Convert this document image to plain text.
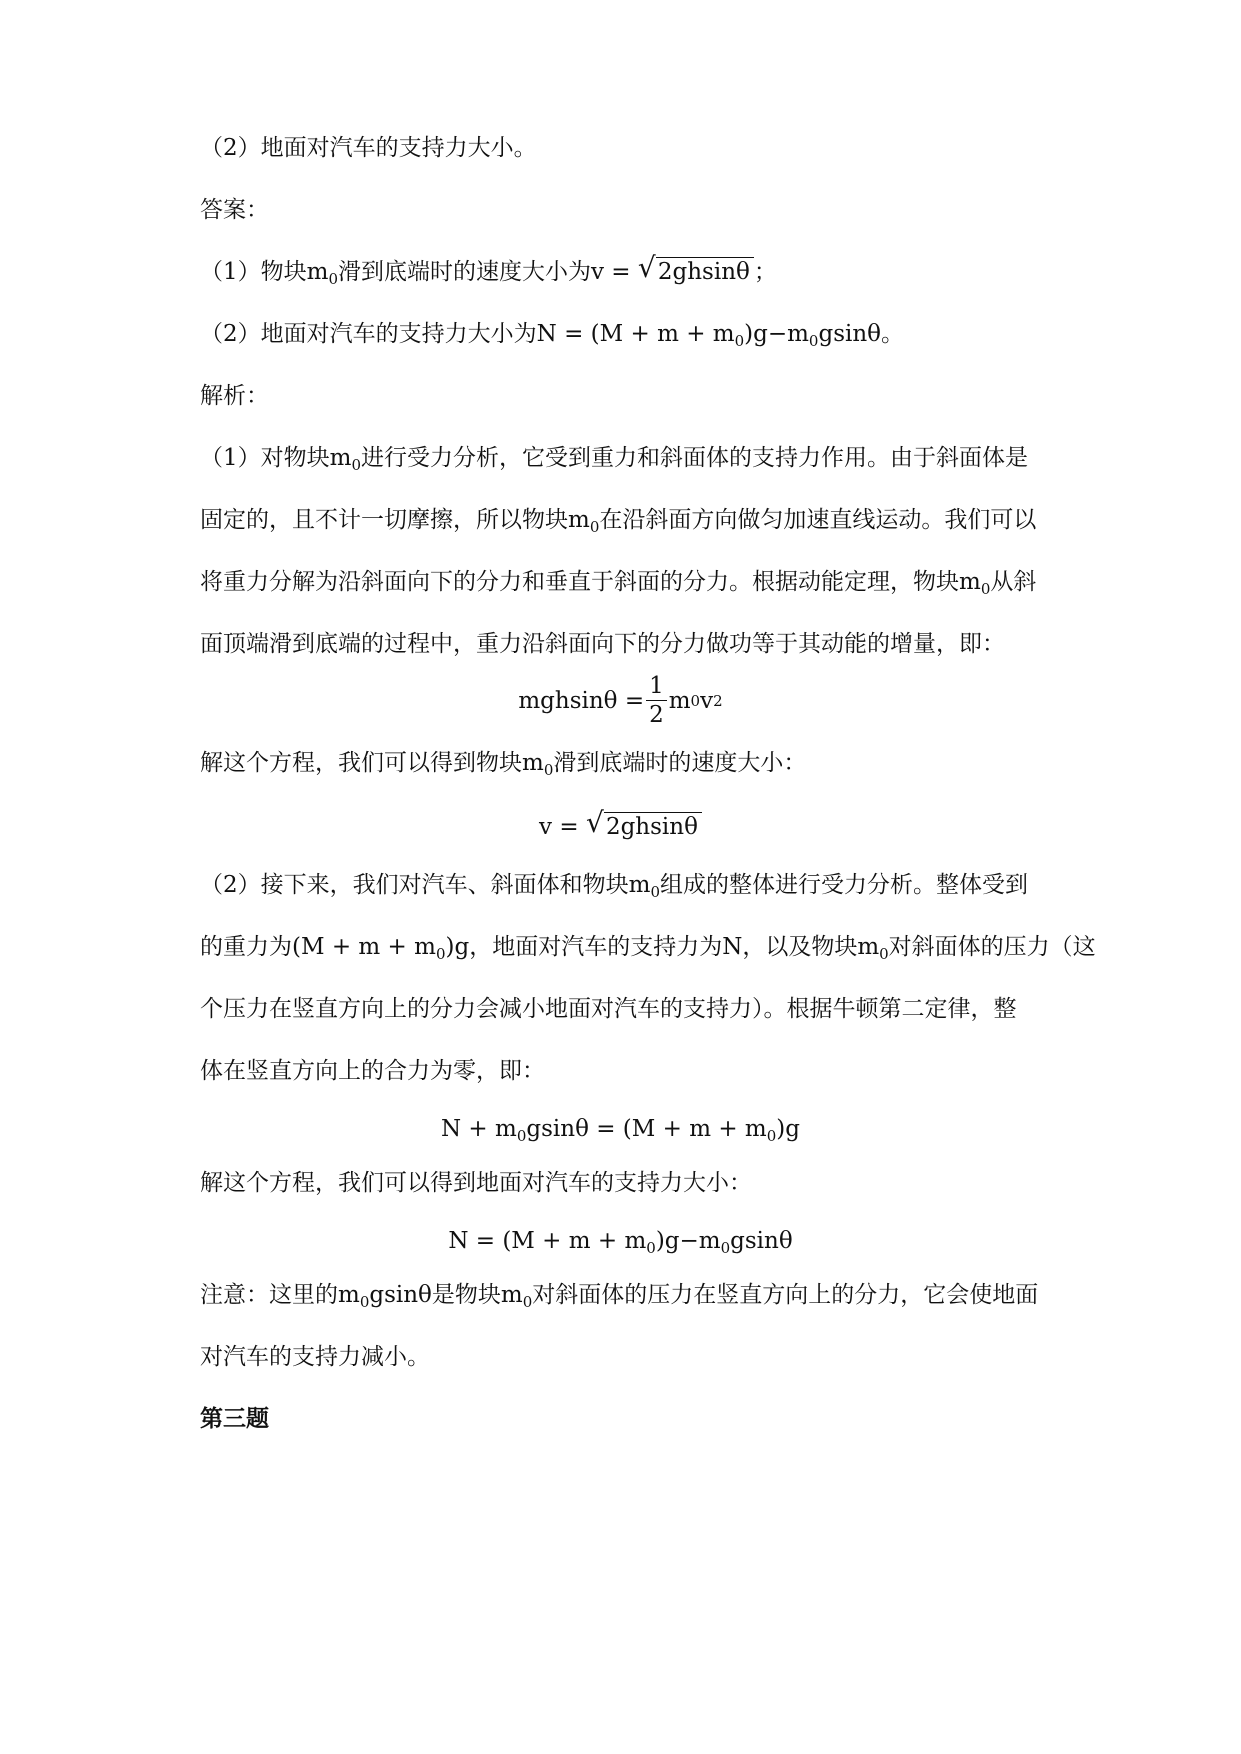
（2）地面对汽车的支持力大小。
答案：
（1）物块$m_0$滑到底端时的速度大小为v = √ 2ghsinθ ；
（2）地面对汽车的支持力大小为$N = (M + m + m_0)g-m_0gsin\theta$。
解析：
（1）对物块$m_0$进行受力分析，它受到重力和斜面体的支持力作用。由于斜面体是
固定的，且不计一切摩擦，所以物块$m_0$在沿斜面方向做匀加速直线运动。我们可以
将重力分解为沿斜面向下的分力和垂直于斜面的分力。根据动能定理，物块$m_0$从斜
面顶端滑到底端的过程中，重力沿斜面向下的分力做功等于其动能的增量，即：
$mghsin\theta = \frac{1}{2}$ m 0 v 2
解这个方程，我们可以得到物块$m_0$滑到底端时的速度大小：
v = √ 2ghsinθ
（2）接下来，我们对汽车、斜面体和物块$m_0$组成的整体进行受力分析。整体受到
的重力为$(M + m + m_0)g$，地面对汽车的支持力为N，以及物块$m_0$对斜面体的压力（这
个压力在竖直方向上的分力会减小地面对汽车的支持力）。根据牛顿第二定律，整
体在竖直方向上的合力为零，即：
$N + m_0gsin\theta = (M + m + m_0)g$
解这个方程，我们可以得到地面对汽车的支持力大小：
$N = (M + m + m_0)g-m_0gsin\theta$
注意：这里的$m_0gsin\theta$是物块$m_0$对斜面体的压力在竖直方向上的分力，它会使地面
对汽车的支持力减小。
第三题
